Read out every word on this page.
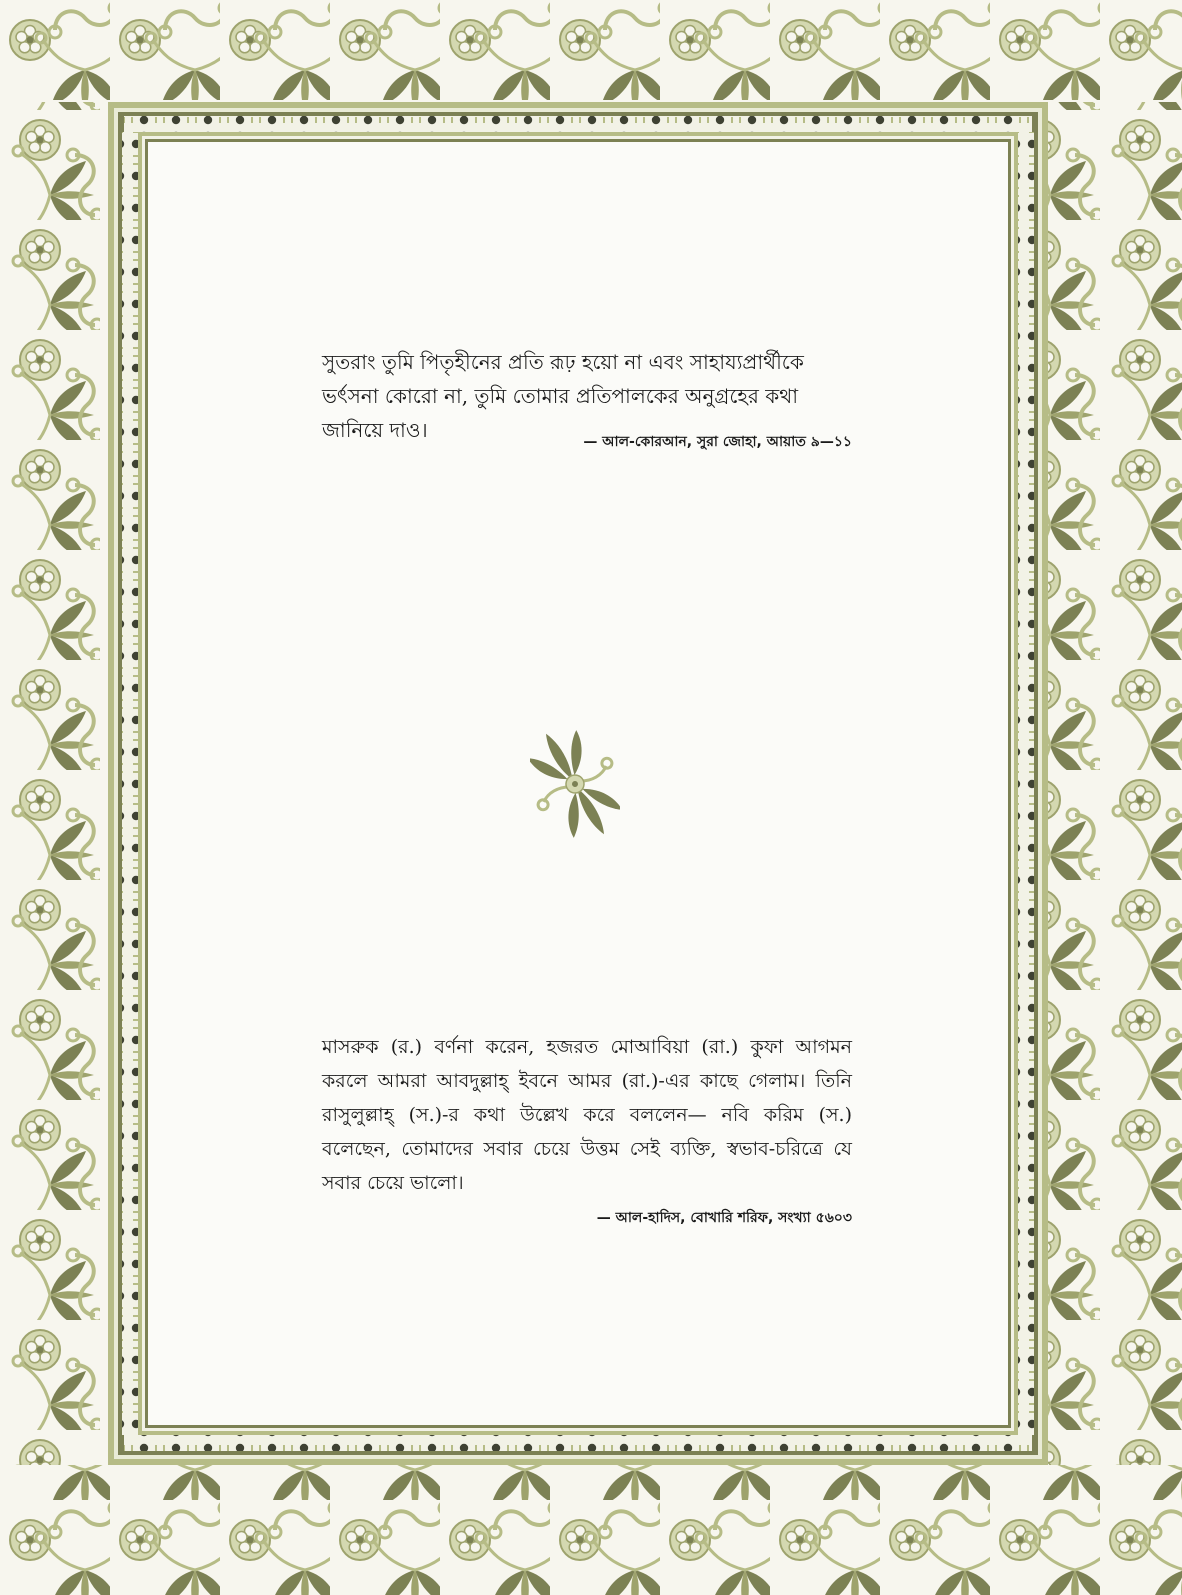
সুতরাং তুমি পিতৃহীনের প্রতি রূঢ় হয়ো না এবং সাহায্যপ্রার্থীকে ভর্ৎসনা কোরো না, তুমি তোমার প্রতিপালকের অনুগ্রহের কথা জানিয়ে দাও।	— আল-কোরআন, সুরা জোহা, আয়াত ৯—১১
মাসরুক (র.) বর্ণনা করেন, হজরত মোআবিয়া (রা.) কুফা আগমন করলে আমরা আবদুল্লাহ্ ইবনে আমর (রা.)-এর কাছে গেলাম। তিনি রাসুলুল্লাহ্ (স.)-র কথা উল্লেখ করে বললেন— নবি করিম (স.) বলেছেন, তোমাদের সবার চেয়ে উত্তম সেই ব্যক্তি, স্বভাব-চরিত্রে যে সবার চেয়ে ভালো।
— আল-হাদিস, বোখারি শরিফ, সংখ্যা ৫৬০৩
